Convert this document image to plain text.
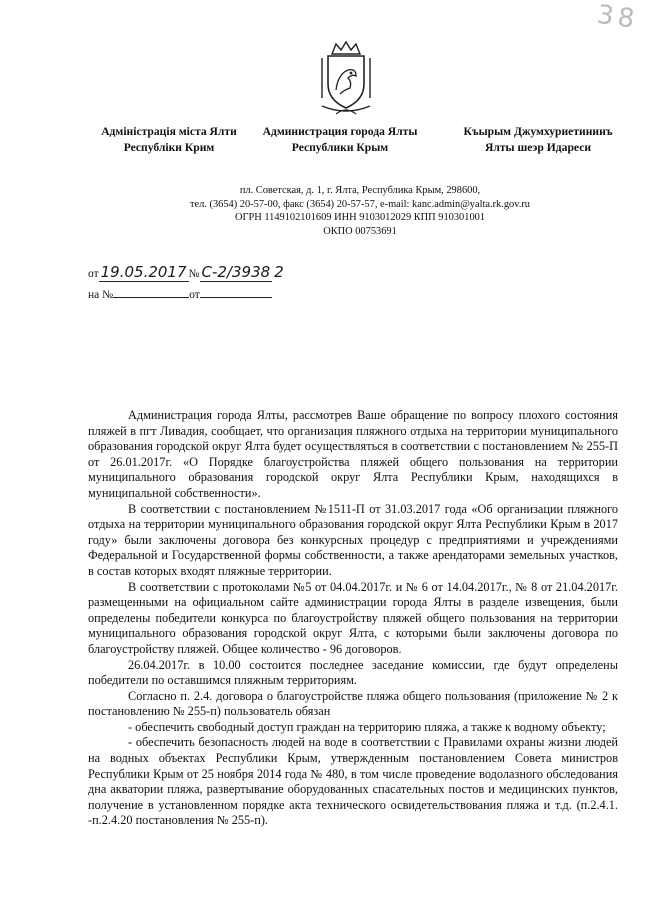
3 8
Адміністрація міста Ялти
Республіки Крим
Администрация города Ялты
Республики Крым
Къырым Джумхуриетининъ
Ялты шеэр Идареси
пл. Советская, д. 1, г. Ялта, Республика Крым, 298600,
тел. (3654) 20-57-00, факс (3654) 20-57-57, e-mail: kanc.admin@yalta.rk.gov.ru
ОГРН 1149102101609 ИНН 9103012029 КПП 910301001
ОКПО 00753691
от 19.05.2017 № С-2/3938 2
на №	от

Администрация города Ялты, рассмотрев Ваше обращение по вопросу плохого состояния пляжей в пгт Ливадия, сообщает, что организация пляжного отдыха на территории муниципального образования городской округ Ялта будет осуществляться в соответствии с постановлением № 255-П от 26.01.2017г. «О Порядке благоустройства пляжей общего пользования на территории муниципального образования городской округ Ялта Республики Крым, находящихся в муниципальной собственности».

В соответствии с постановлением №1511-П от 31.03.2017 года «Об организации пляжного отдыха на территории муниципального образования городской округ Ялта Республики Крым в 2017 году» были заключены договора без конкурсных процедур с предприятиями и учреждениями Федеральной и Государственной формы собственности, а также арендаторами земельных участков, в состав которых входят пляжные территории.

В соответствии с протоколами №5 от 04.04.2017г. и № 6 от 14.04.2017г., № 8 от 21.04.2017г. размещенными на официальном сайте администрации города Ялты в разделе извещения, были определены победители конкурса по благоустройству пляжей общего пользования на территории муниципального образования городской округ Ялта, с которыми были заключены договора по благоустройству пляжей. Общее количество - 96 договоров.

26.04.2017г. в 10.00 состоится последнее заседание комиссии, где будут определены победители по оставшимся пляжным территориям.

Согласно п. 2.4. договора о благоустройстве пляжа общего пользования (приложение № 2 к постановлению № 255-п) пользователь обязан

- обеспечить свободный доступ граждан на территорию пляжа, а также к водному объекту;

- обеспечить безопасность людей на воде в соответствии с Правилами охраны жизни людей на водных объектах Республики Крым, утвержденным постановлением Совета министров Республики Крым от 25 ноября 2014 года № 480, в том числе проведение водолазного обследования дна акватории пляжа, развертывание оборудованных спасательных постов и медицинских пунктов, получение в установленном порядке акта технического освидетельствования пляжа и т.д. (п.2.4.1. -п.2.4.20 постановления № 255-п).
